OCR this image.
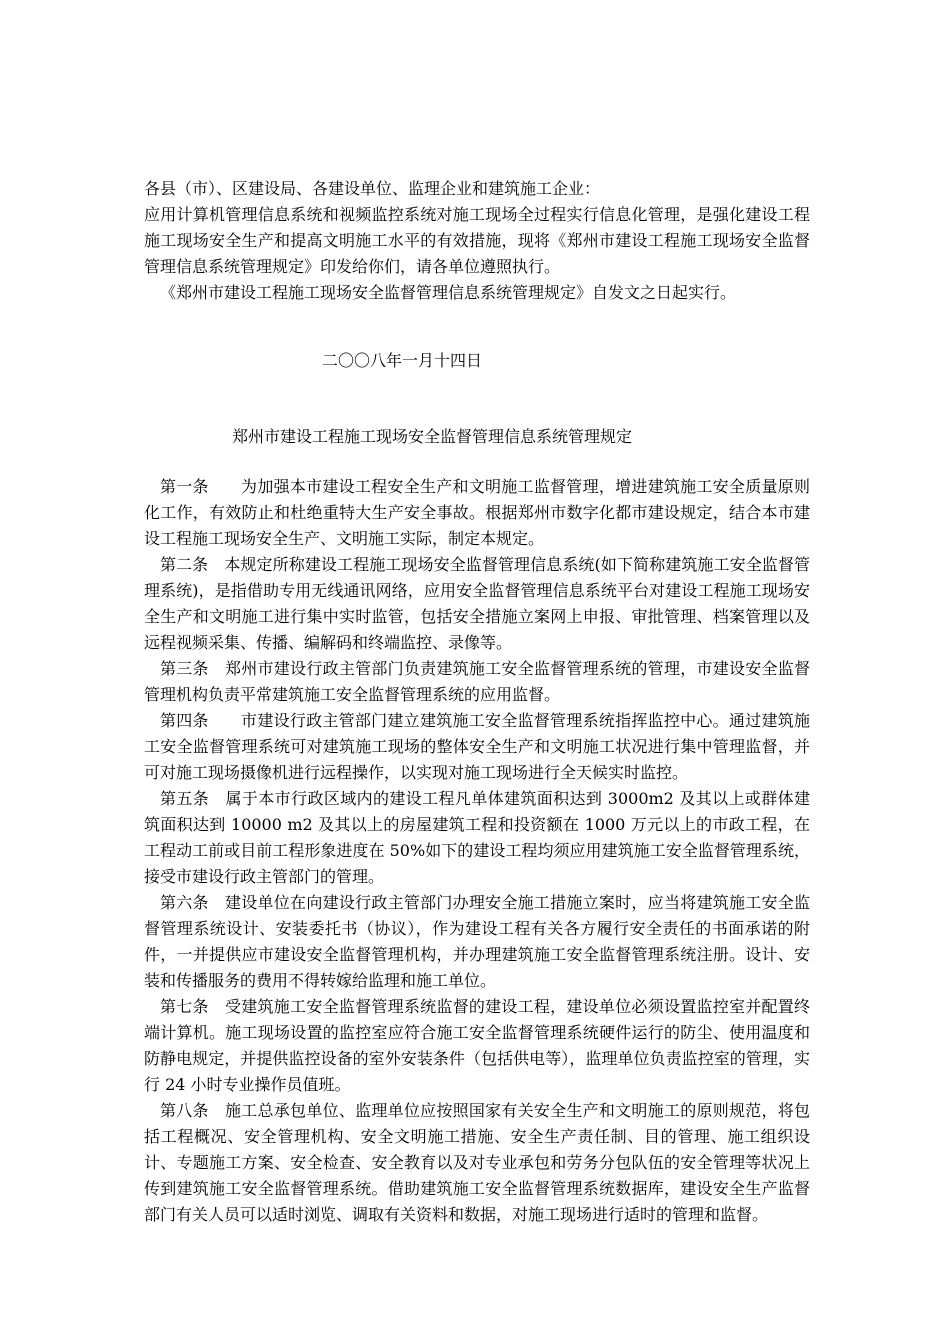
各县（市）、区建设局、各建设单位、监理企业和建筑施工企业：

应用计算机管理信息系统和视频监控系统对施工现场全过程实行信息化管理，是强化建设工程施工现场安全生产和提高文明施工水平的有效措施，现将《郑州市建设工程施工现场安全监督管理信息系统管理规定》印发给你们，请各单位遵照执行。

《郑州市建设工程施工现场安全监督管理信息系统管理规定》自发文之日起实行。

二〇〇八年一月十四日

郑州市建设工程施工现场安全监督管理信息系统管理规定

第一条 为加强本市建设工程安全生产和文明施工监督管理，增进建筑施工安全质量原则化工作，有效防止和杜绝重特大生产安全事故。根据郑州市数字化都市建设规定，结合本市建设工程施工现场安全生产、文明施工实际，制定本规定。

第二条 本规定所称建设工程施工现场安全监督管理信息系统(如下简称建筑施工安全监督管理系统)，是指借助专用无线通讯网络，应用安全监督管理信息系统平台对建设工程施工现场安全生产和文明施工进行集中实时监管，包括安全措施立案网上申报、审批管理、档案管理以及远程视频采集、传播、编解码和终端监控、录像等。

第三条 郑州市建设行政主管部门负责建筑施工安全监督管理系统的管理，市建设安全监督管理机构负责平常建筑施工安全监督管理系统的应用监督。

第四条 市建设行政主管部门建立建筑施工安全监督管理系统指挥监控中心。通过建筑施工安全监督管理系统可对建筑施工现场的整体安全生产和文明施工状况进行集中管理监督，并可对施工现场摄像机进行远程操作，以实现对施工现场进行全天候实时监控。

第五条 属于本市行政区域内的建设工程凡单体建筑面积达到 3000m2 及其以上或群体建筑面积达到 10000 m2 及其以上的房屋建筑工程和投资额在 1000 万元以上的市政工程，在工程动工前或目前工程形象进度在 50%如下的建设工程均须应用建筑施工安全监督管理系统，接受市建设行政主管部门的管理。

第六条 建设单位在向建设行政主管部门办理安全施工措施立案时，应当将建筑施工安全监督管理系统设计、安装委托书（协议），作为建设工程有关各方履行安全责任的书面承诺的附件，一并提供应市建设安全监督管理机构，并办理建筑施工安全监督管理系统注册。设计、安装和传播服务的费用不得转嫁给监理和施工单位。

第七条 受建筑施工安全监督管理系统监督的建设工程，建设单位必须设置监控室并配置终端计算机。施工现场设置的监控室应符合施工安全监督管理系统硬件运行的防尘、使用温度和防静电规定，并提供监控设备的室外安装条件（包括供电等），监理单位负责监控室的管理，实行 24 小时专业操作员值班。

第八条 施工总承包单位、监理单位应按照国家有关安全生产和文明施工的原则规范，将包括工程概况、安全管理机构、安全文明施工措施、安全生产责任制、目的管理、施工组织设计、专题施工方案、安全检查、安全教育以及对专业承包和劳务分包队伍的安全管理等状况上传到建筑施工安全监督管理系统。借助建筑施工安全监督管理系统数据库，建设安全生产监督部门有关人员可以适时浏览、调取有关资料和数据，对施工现场进行适时的管理和监督。
